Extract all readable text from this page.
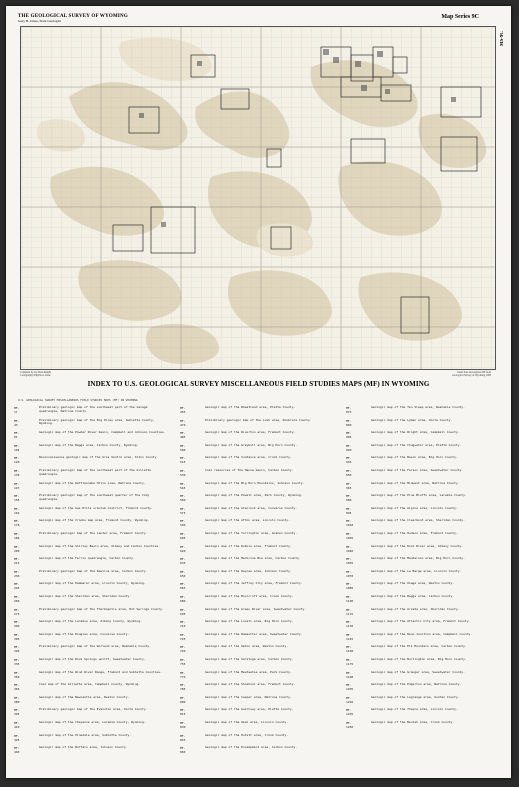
THE GEOLOGICAL SURVEY OF WYOMING
Gary B. Glass, State Geologist
Map Series 9C
MS-9C
Compiled by Jay Dale Knight
Cartography: Phyllis A. Ranz
Index date and regions MF from Geological Survey of Wyoming 1985
INDEX TO U.S. GEOLOGICAL SURVEY MISCELLANEOUS FIELD STUDIES MAPS (MF) IN WYOMING
U.S. GEOLOGICAL SURVEY MISCELLANEOUS FIELD STUDIES MAPS (MF) IN WYOMING
MF- 17
Preliminary geologic map of the southeast part of the Savage quadrangle, Natrona County.
MF- 43
Preliminary geologic map of the Big Piney area, Sublette County, Wyoming.
MF- 81
Geologic map of the Powder River basin, Campbell and Johnson Counties.
MF- 104
Geologic map of the Baggs area, Carbon County, Wyoming.
MF- 120
Reconnaissance geologic map of the Gros Ventre area, Teton County.
MF- 139
Preliminary geologic map of the northeast part of the Gillette quadrangle.
MF- 147
Geologic map of the Rattlesnake Hills area, Natrona County.
MF- 155
Preliminary geologic map of the southwest quarter of the Cody quadrangle.
MF- 162
Geologic map of the Gas Hills uranium district, Fremont County.
MF- 178
Geologic map of the Crooks Gap area, Fremont County, Wyoming.
MF- 186
Preliminary geologic map of the Lander area, Fremont County.
MF- 200
Geologic map of the Shirley Basin area, Albany and Carbon Counties.
MF- 215
Geologic map of the Ferris quadrangle, Carbon County.
MF- 230
Preliminary geologic map of the Rawlins area, Carbon County.
MF- 245
Geologic map of the Kemmerer area, Lincoln County, Wyoming.
MF- 260
Geologic map of the Sheridan area, Sheridan County.
MF- 275
Preliminary geologic map of the Thermopolis area, Hot Springs County.
MF- 290
Geologic map of the Laramie area, Albany County, Wyoming.
MF- 305
Geologic map of the Douglas area, Converse County.
MF- 320
Preliminary geologic map of the Worland area, Washakie County.
MF- 335
Geologic map of the Rock Springs uplift, Sweetwater County.
MF- 350
Geologic map of the Wind River Range, Fremont and Sublette Counties.
MF- 365
Coal map of the Gillette area, Campbell County, Wyoming.
MF- 380
Geologic map of the Newcastle area, Weston County.
MF- 395
Preliminary geologic map of the Evanston area, Uinta County.
MF- 410
Geologic map of the Cheyenne area, Laramie County, Wyoming.
MF- 425
Geologic map of the Pinedale area, Sublette County.
MF- 440
Geologic map of the Buffalo area, Johnson County.
MF- 455
Geologic map of the Wheatland area, Platte County.
MF- 470
Preliminary geologic map of the Lusk area, Niobrara County.
MF- 485
Geologic map of the Riverton area, Fremont County.
MF- 500
Geologic map of the Greybull area, Big Horn County.
MF- 515
Geologic map of the Sundance area, Crook County.
MF- 530
Coal resources of the Hanna basin, Carbon County.
MF- 545
Geologic map of the Big Horn Mountains, Johnson County.
MF- 560
Geologic map of the Powell area, Park County, Wyoming.
MF- 575
Geologic map of the Glenrock area, Converse County.
MF- 590
Geologic map of the Afton area, Lincoln County.
MF- 605
Geologic map of the Torrington area, Goshen County.
MF- 620
Geologic map of the Dubois area, Fremont County.
MF- 635
Geologic map of the Medicine Bow area, Carbon County.
MF- 650
Geologic map of the Kaycee area, Johnson County.
MF- 665
Geologic map of the Jeffrey City area, Fremont County.
MF- 680
Geologic map of the Moorcroft area, Crook County.
MF- 695
Geologic map of the Green River area, Sweetwater County.
MF- 710
Geologic map of the Lovell area, Big Horn County.
MF- 725
Geologic map of the Wamsutter area, Sweetwater County.
MF- 740
Geologic map of the Upton area, Weston County.
MF- 755
Geologic map of the Saratoga area, Carbon County.
MF- 770
Geologic map of the Meeteetse area, Park County.
MF- 785
Geologic map of the Shoshoni area, Fremont County.
MF- 800
Geologic map of the Casper area, Natrona County.
MF- 815
Geologic map of the Guernsey area, Platte County.
MF- 830
Geologic map of the Opal area, Lincoln County.
MF- 845
Geologic map of the Hulett area, Crook County.
MF- 860
Geologic map of the Encampment area, Carbon County.
MF- 875
Geologic map of the Ten Sleep area, Washakie County.
MF- 890
Geologic map of the Lyman area, Uinta County.
MF- 905
Geologic map of the Wright area, Campbell County.
MF- 920
Geologic map of the Chugwater area, Platte County.
MF- 935
Geologic map of the Basin area, Big Horn County.
MF- 950
Geologic map of the Farson area, Sweetwater County.
MF- 965
Geologic map of the Midwest area, Natrona County.
MF- 980
Geologic map of the Pine Bluffs area, Laramie County.
MF- 995
Geologic map of the Alpine area, Lincoln County.
MF-1010
Geologic map of the Clearmont area, Sheridan County.
MF-1025
Geologic map of the Hudson area, Fremont County.
MF-1040
Geologic map of the Rock River area, Albany County.
MF-1055
Geologic map of the Manderson area, Big Horn County.
MF-1070
Geologic map of the La Barge area, Lincoln County.
MF-1085
Geologic map of the Osage area, Weston County.
MF-1100
Geologic map of the Baggs area, Carbon County.
MF-1115
Geologic map of the Arvada area, Sheridan County.
MF-1130
Geologic map of the Atlantic City area, Fremont County.
MF-1145
Geologic map of the Reno Junction area, Campbell County.
MF-1160
Geologic map of the Elk Mountain area, Carbon County.
MF-1175
Geologic map of the Burlington area, Big Horn County.
MF-1190
Geologic map of the Granger area, Sweetwater County.
MF-1205
Geologic map of the Edgerton area, Natrona County.
MF-1220
Geologic map of the Lagrange area, Goshen County.
MF-1235
Geologic map of the Thayne area, Lincoln County.
MF-1250
Geologic map of the Beulah area, Crook County.
